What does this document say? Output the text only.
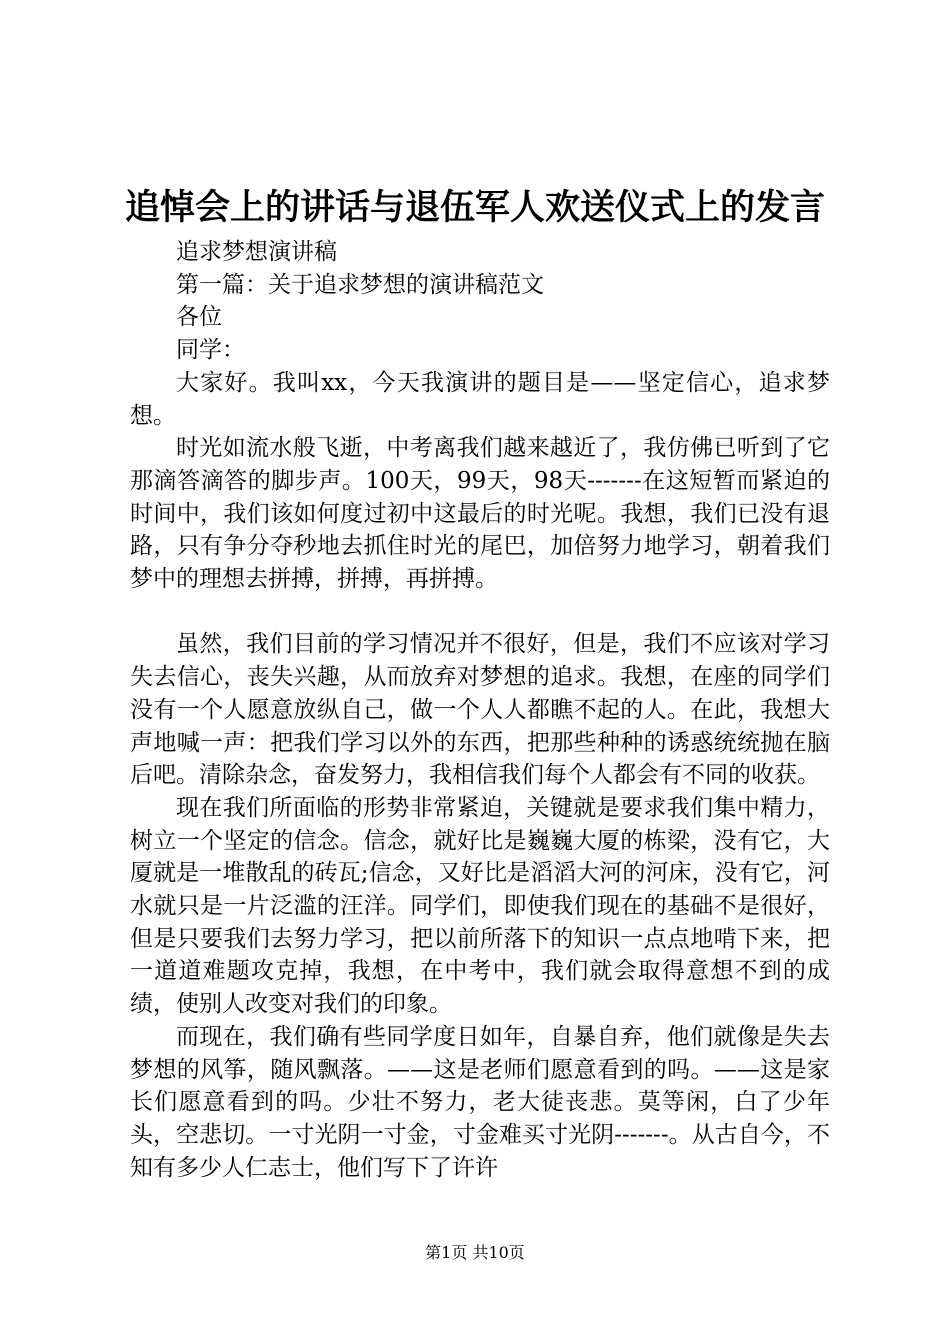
追悼会上的讲话与退伍军人欢送仪式上的发言

追求梦想演讲稿

第一篇：关于追求梦想的演讲稿范文

各位

同学：

大家好。我叫xx，今天我演讲的题目是——坚定信心，追求梦想。

时光如流水般飞逝，中考离我们越来越近了，我仿佛已听到了它那滴答滴答的脚步声。100天，99天，98天-------在这短暂而紧迫的时间中，我们该如何度过初中这最后的时光呢。我想，我们已没有退路，只有争分夺秒地去抓住时光的尾巴，加倍努力地学习，朝着我们梦中的理想去拼搏，拼搏，再拼搏。

虽然，我们目前的学习情况并不很好，但是，我们不应该对学习失去信心，丧失兴趣，从而放弃对梦想的追求。我想，在座的同学们没有一个人愿意放纵自己，做一个人人都瞧不起的人。在此，我想大声地喊一声：把我们学习以外的东西，把那些种种的诱惑统统抛在脑后吧。清除杂念，奋发努力，我相信我们每个人都会有不同的收获。

现在我们所面临的形势非常紧迫，关键就是要求我们集中精力，树立一个坚定的信念。信念，就好比是巍巍大厦的栋梁，没有它，大厦就是一堆散乱的砖瓦;信念，又好比是滔滔大河的河床，没有它，河水就只是一片泛滥的汪洋。同学们，即使我们现在的基础不是很好，但是只要我们去努力学习，把以前所落下的知识一点点地啃下来，把一道道难题攻克掉，我想，在中考中，我们就会取得意想不到的成绩，使别人改变对我们的印象。

而现在，我们确有些同学度日如年，自暴自弃，他们就像是失去梦想的风筝，随风飘落。——这是老师们愿意看到的吗。——这是家长们愿意看到的吗。少壮不努力，老大徒丧悲。莫等闲，白了少年头，空悲切。一寸光阴一寸金，寸金难买寸光阴-------。从古自今，不知有多少人仁志士，他们写下了许许

第1页 共10页
